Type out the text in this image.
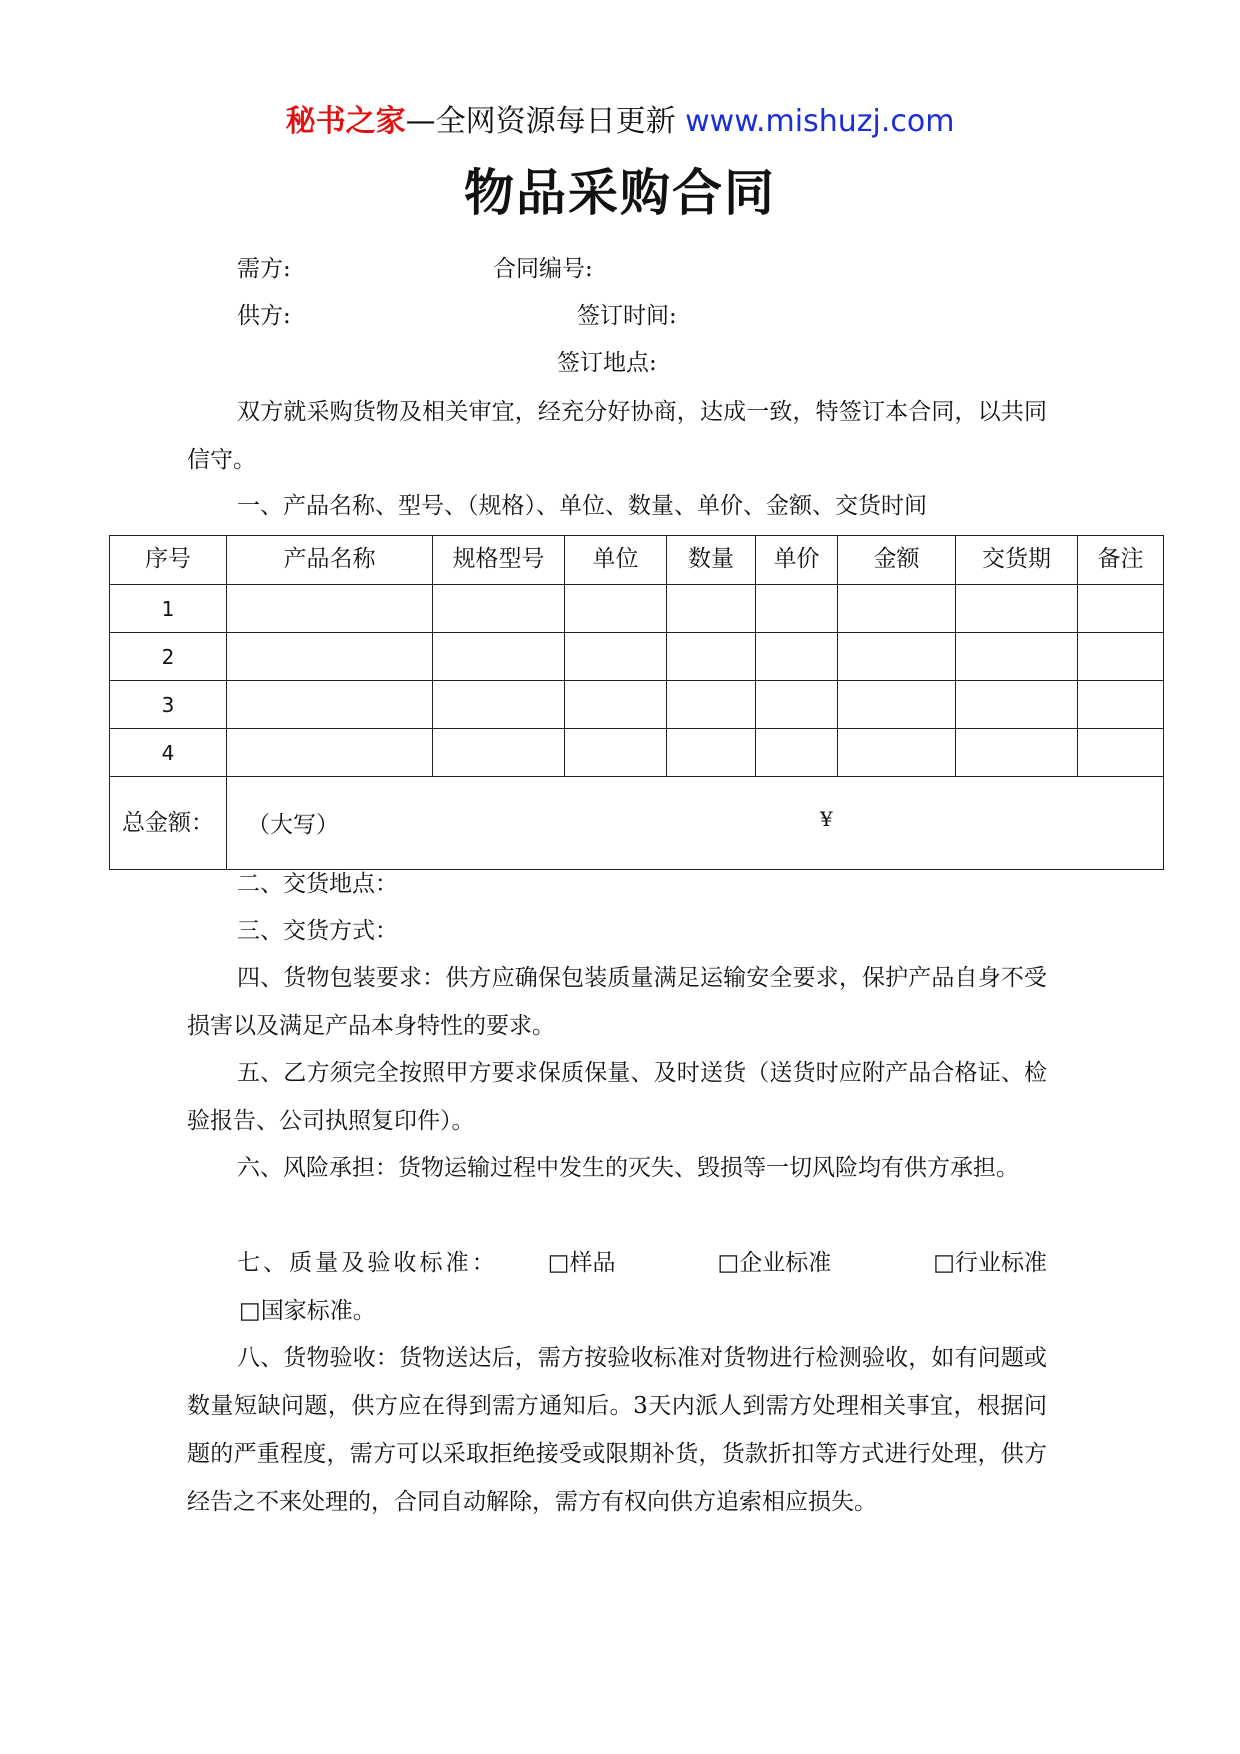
秘书之家—全网资源每日更新 www.mishuzj.com
物品采购合同
需方:	合同编号:
供方:	签订时间:
签订地点:
双方就采购货物及相关审宜，经充分好协商，达成一致，特签订本合同，以共同信守。
一、产品名称、型号、（规格）、单位、数量、单价、金额、交货时间
序号	产品名称	规格型号	单位	数量	单价	金额	交货期	备注
1								
2								
3								
4								
总金额：	（大写） ¥							
二、交货地点：
三、交货方式：
四、货物包装要求：供方应确保包装质量满足运输安全要求，保护产品自身不受损害以及满足产品本身特性的要求。
五、乙方须完全按照甲方要求保质保量、及时送货（送货时应附产品合格证、检验报告、公司执照复印件）。
六、风险承担：货物运输过程中发生的灭失、毁损等一切风险均有供方承担。
七、质量及验收标准： □样品	□企业标准	□行业标准□国家标准。
八、货物验收：货物送达后，需方按验收标准对货物进行检测验收，如有问题或数量短缺问题，供方应在得到需方通知后。3天内派人到需方处理相关事宜，根据问题的严重程度，需方可以采取拒绝接受或限期补货，货款折扣等方式进行处理，供方经告之不来处理的，合同自动解除，需方有权向供方追索相应损失。
